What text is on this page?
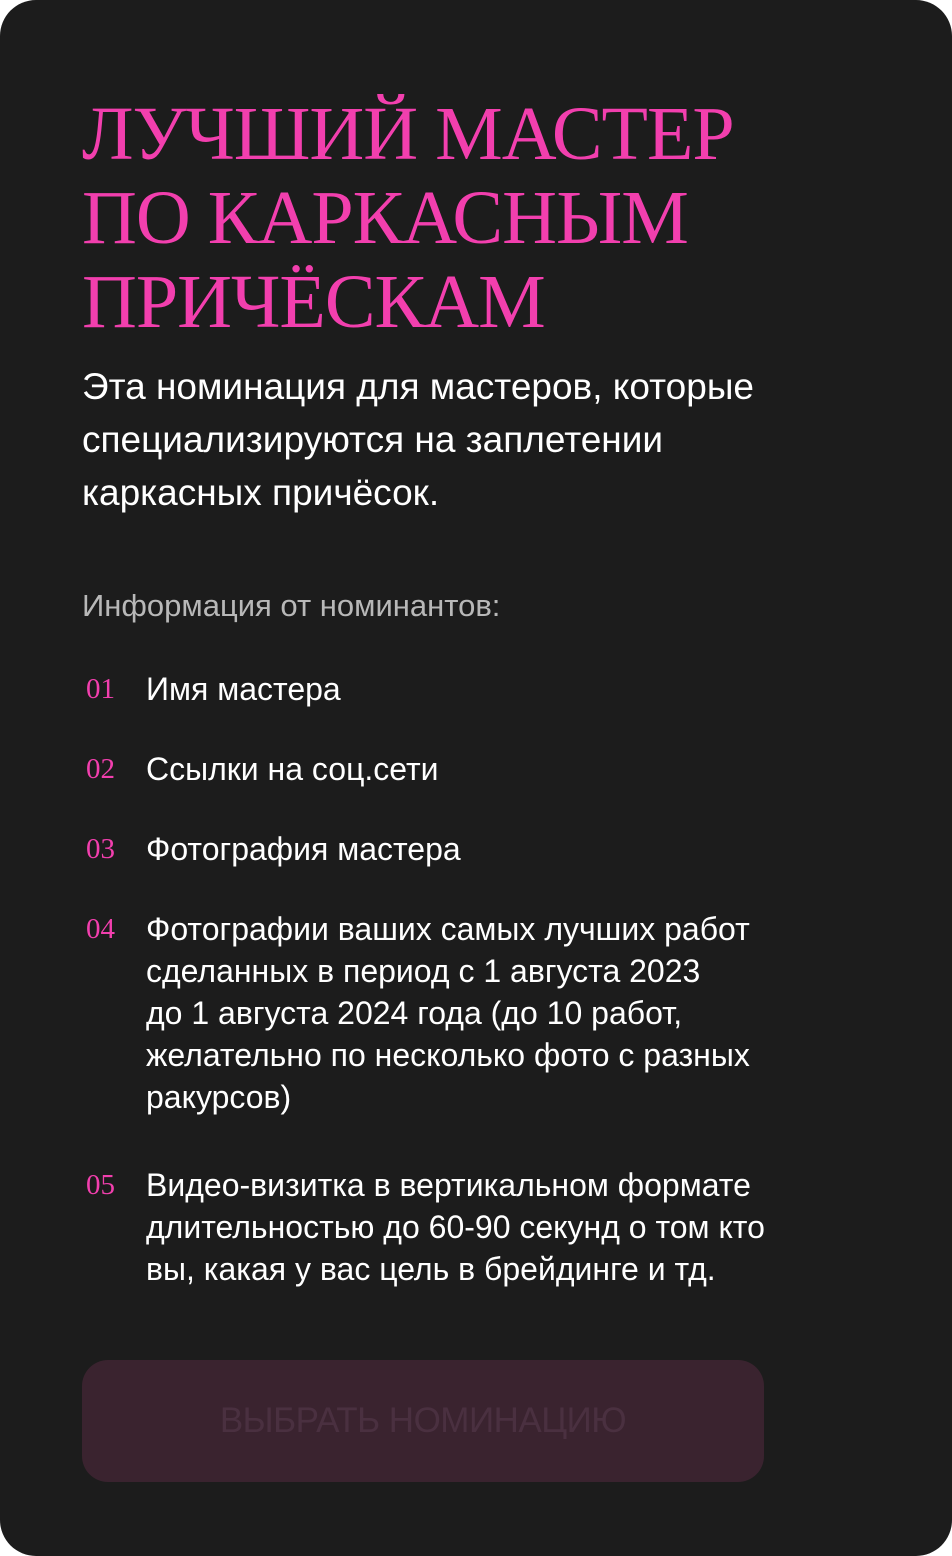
ЛУЧШИЙ МАСТЕР
ПО КАРКАСНЫМ
ПРИЧЁСКАМ

Эта номинация для мастеров, которые
специализируются на заплетении
каркасных причёсок.

Информация от номинантов:

01 Имя мастера
02 Ссылки на соц.сети
03 Фотография мастера
04 Фотографии ваших самых лучших работ
сделанных в период с 1 августа 2023
до 1 августа 2024 года (до 10 работ,
желательно по несколько фото с разных
ракурсов)
05 Видео-визитка в вертикальном формате
длительностью до 60-90 секунд о том кто
вы, какая у вас цель в брейдинге и тд.
ВЫБРАТЬ НОМИНАЦИЮ
